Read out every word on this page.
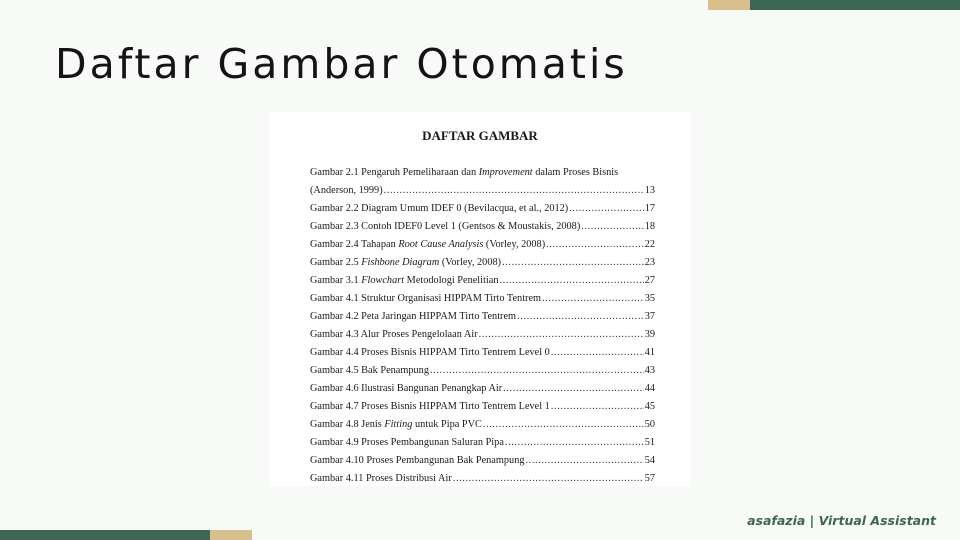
Daftar Gambar Otomatis
DAFTAR GAMBAR
Gambar 2.1 Pengaruh Pemeliharaan dan Improvement dalam Proses Bisnis
(Anderson, 1999) .....	13
Gambar 2.2 Diagram Umum IDEF 0 (Bevilacqua, et al., 2012) .....	17
Gambar 2.3 Contoh IDEF0 Level 1 (Gentsos & Moustakis, 2008) .....	18
Gambar 2.4 Tahapan Root Cause Analysis (Vorley, 2008) .....	22
Gambar 2.5 Fishbone Diagram (Vorley, 2008) .....	23
Gambar 3.1 Flowchart Metodologi Penelitian .....	27
Gambar 4.1 Struktur Organisasi HIPPAM Tirto Tentrem .....	35
Gambar 4.2 Peta Jaringan HIPPAM Tirto Tentrem .....	37
Gambar 4.3 Alur Proses Pengelolaan Air .....	39
Gambar 4.4 Proses Bisnis HIPPAM Tirto Tentrem Level 0 .....	41
Gambar 4.5 Bak Penampung .....	43
Gambar 4.6 Ilustrasi Bangunan Penangkap Air .....	44
Gambar 4.7 Proses Bisnis HIPPAM Tirto Tentrem Level 1 .....	45
Gambar 4.8 Jenis Fitting untuk Pipa PVC .....	50
Gambar 4.9 Proses Pembangunan Saluran Pipa .....	51
Gambar 4.10 Proses Pembangunan Bak Penampung .....	54
Gambar 4.11 Proses Distribusi Air .....	57
asafazia | Virtual Assistant
